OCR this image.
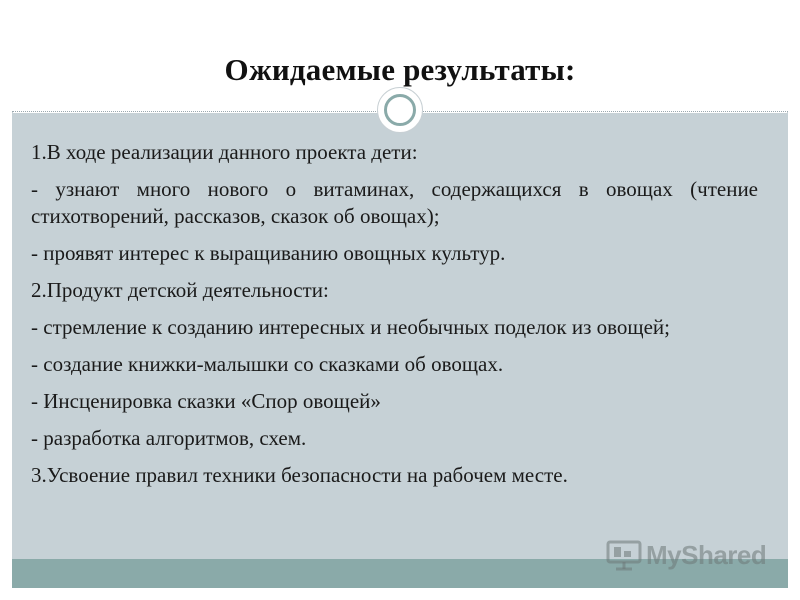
Ожидаемые результаты:

1.В ходе реализации данного проекта дети:

- узнают много нового о витаминах, содержащихся в овощах (чтение стихотворений, рассказов, сказок об овощах);

- проявят интерес к выращиванию овощных культур.

2.Продукт детской деятельности:

- стремление к созданию интересных и необычных поделок из овощей;

- создание книжки-малышки со сказками об овощах.

- Инсценировка сказки «Спор овощей»

- разработка алгоритмов, схем.

3.Усвоение правил техники безопасности на рабочем месте.

MyShared
